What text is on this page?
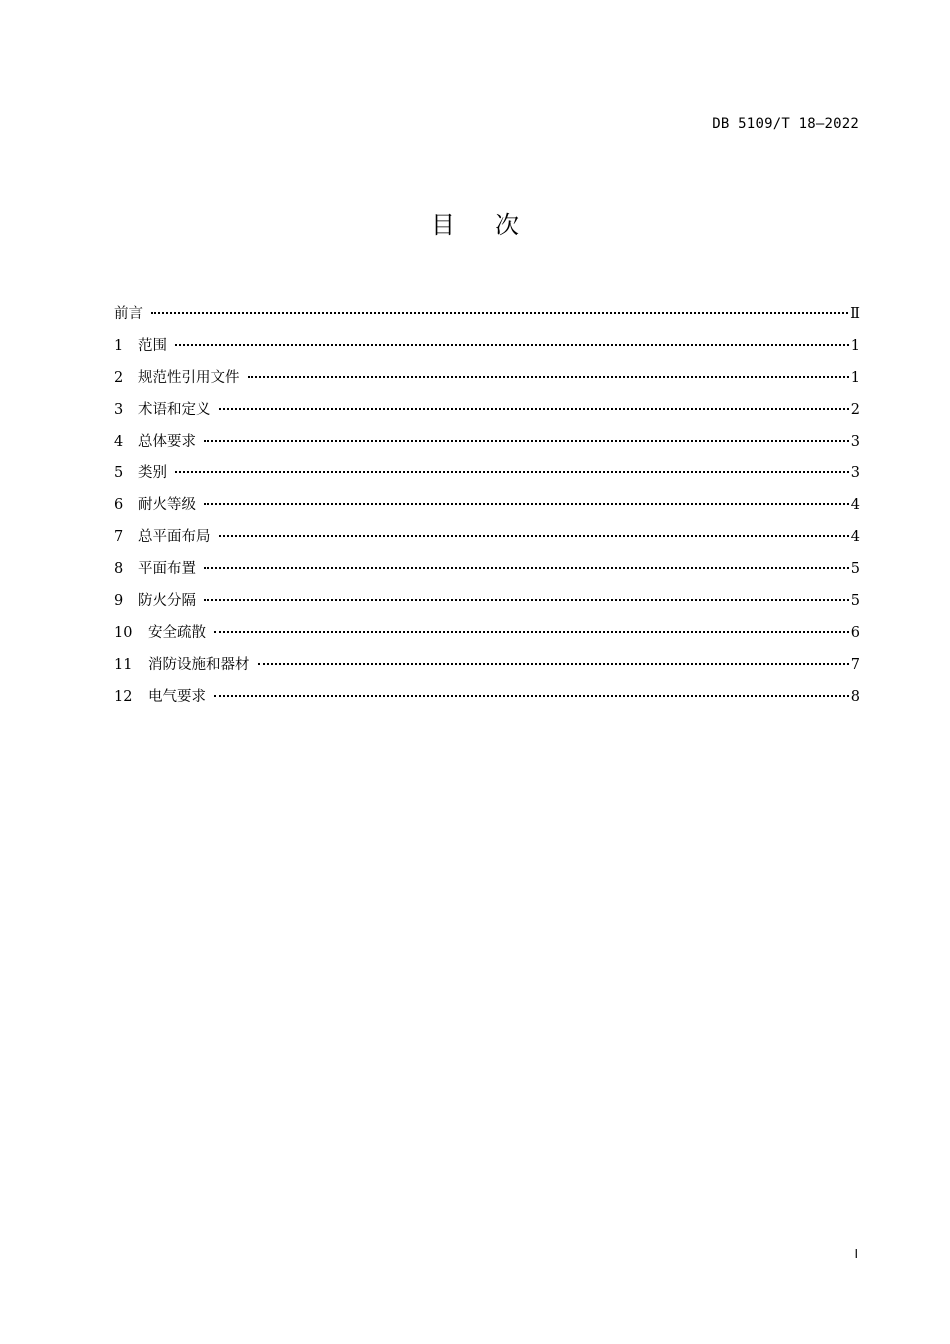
DB 5109/T 18—2022
目 次
前言	Ⅱ
1	范围	1
2	规范性引用文件	1
3	术语和定义	2
4	总体要求	3
5	类别	3
6	耐火等级	4
7	总平面布局	4
8	平面布置	5
9	防火分隔	5
10	安全疏散	6
11	消防设施和器材	7
12	电气要求	8
I
